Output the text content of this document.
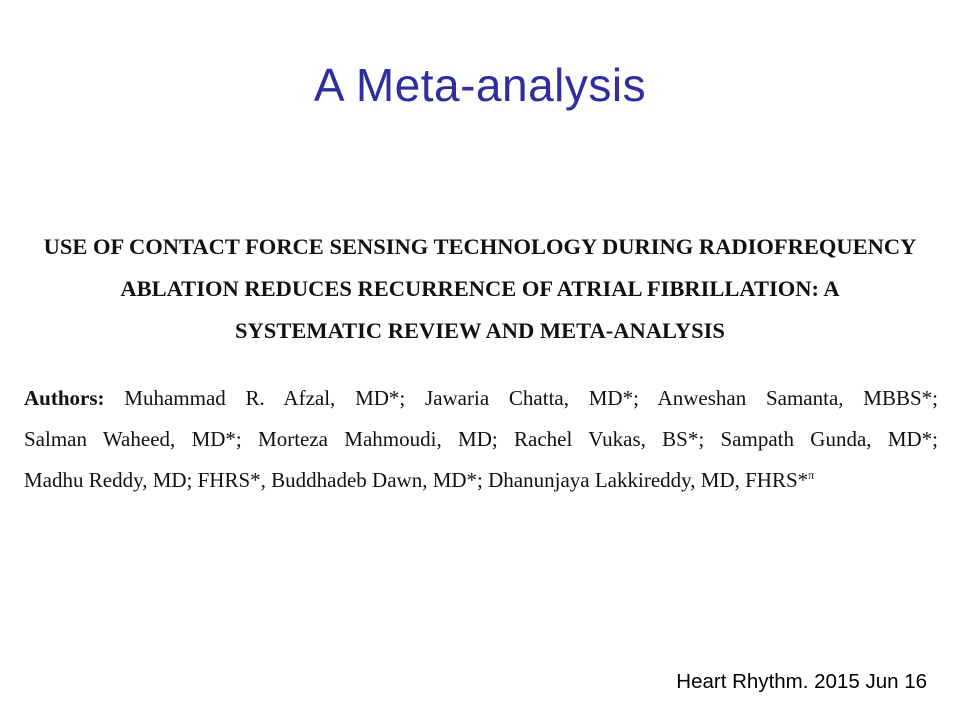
A Meta-analysis
USE OF CONTACT FORCE SENSING TECHNOLOGY DURING RADIOFREQUENCY
ABLATION REDUCES RECURRENCE OF ATRIAL FIBRILLATION: A
SYSTEMATIC REVIEW AND META-ANALYSIS
Authors: Muhammad R. Afzal, MD*; Jawaria Chatta, MD*; Anweshan Samanta, MBBS*;
Salman Waheed, MD*; Morteza Mahmoudi, MD; Rachel Vukas, BS*; Sampath Gunda, MD*;
Madhu Reddy, MD; FHRS*, Buddhadeb Dawn, MD*; Dhanunjaya Lakkireddy, MD, FHRS*$^\pi$
Heart Rhythm. 2015 Jun 16
